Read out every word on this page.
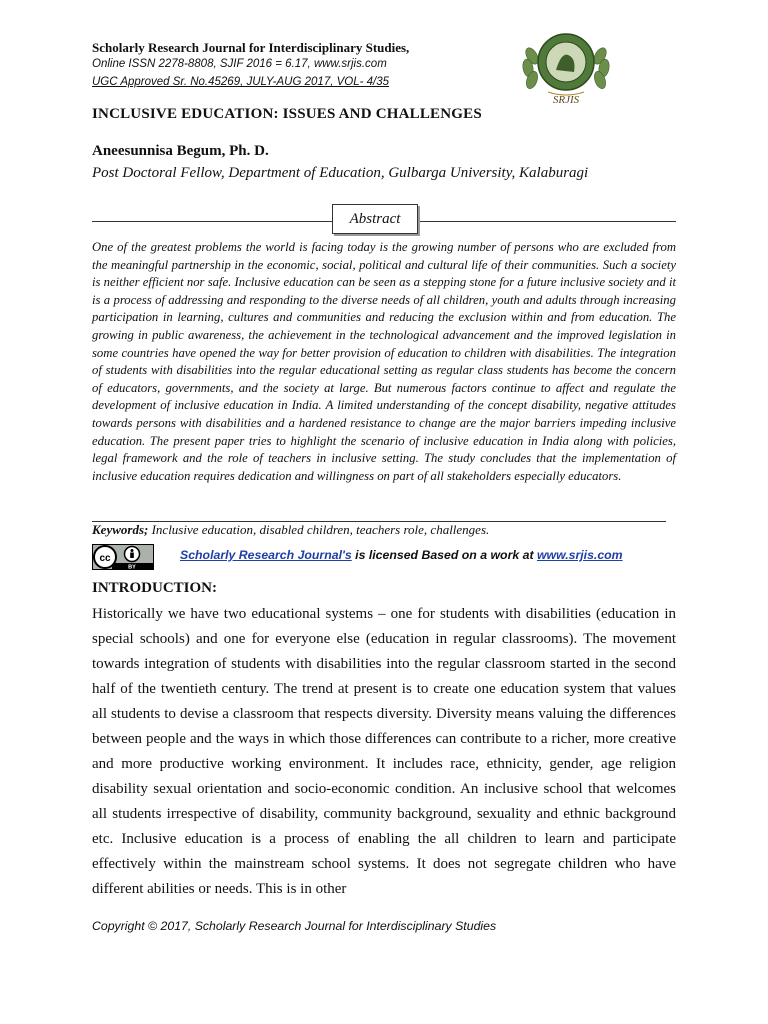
Scholarly Research Journal for Interdisciplinary Studies,
Online ISSN 2278-8808, SJIF 2016 = 6.17, www.srjis.com
UGC Approved Sr. No.45269, JULY-AUG 2017, VOL- 4/35
SRJIS
INCLUSIVE EDUCATION: ISSUES AND CHALLENGES
Aneesunnisa Begum, Ph. D.
Post Doctoral Fellow, Department of Education, Gulbarga University, Kalaburagi
Abstract

One of the greatest problems the world is facing today is the growing number of persons who are excluded from the meaningful partnership in the economic, social, political and cultural life of their communities. Such a society is neither efficient nor safe. Inclusive education can be seen as a stepping stone for a future inclusive society and it is a process of addressing and responding to the diverse needs of all children, youth and adults through increasing participation in learning, cultures and communities and reducing the exclusion within and from education. The growing in public awareness, the achievement in the technological advancement and the improved legislation in some countries have opened the way for better provision of education to children with disabilities. The integration of students with disabilities into the regular educational setting as regular class students has become the concern of educators, governments, and the society at large. But numerous factors continue to affect and regulate the development of inclusive education in India. A limited understanding of the concept disability, negative attitudes towards persons with disabilities and a hardened resistance to change are the major barriers impeding inclusive education. The present paper tries to highlight the scenario of inclusive education in India along with policies, legal framework and the role of teachers in inclusive setting. The study concludes that the implementation of inclusive education requires dedication and willingness on part of all stakeholders especially educators.

Keywords; Inclusive education, disabled children, teachers role, challenges.
cc
BY
Scholarly Research Journal's is licensed Based on a work at www.srjis.com
INTRODUCTION:

Historically we have two educational systems – one for students with disabilities (education in special schools) and one for everyone else (education in regular classrooms). The movement towards integration of students with disabilities into the regular classroom started in the second half of the twentieth century. The trend at present is to create one education system that values all students to devise a classroom that respects diversity. Diversity means valuing the differences between people and the ways in which those differences can contribute to a richer, more creative and more productive working environment. It includes race, ethnicity, gender, age religion disability sexual orientation and socio-economic condition. An inclusive school that welcomes all students irrespective of disability, community background, sexuality and ethnic background etc. Inclusive education is a process of enabling the all children to learn and participate effectively within the mainstream school systems. It does not segregate children who have different abilities or needs. This is in other

Copyright © 2017, Scholarly Research Journal for Interdisciplinary Studies
